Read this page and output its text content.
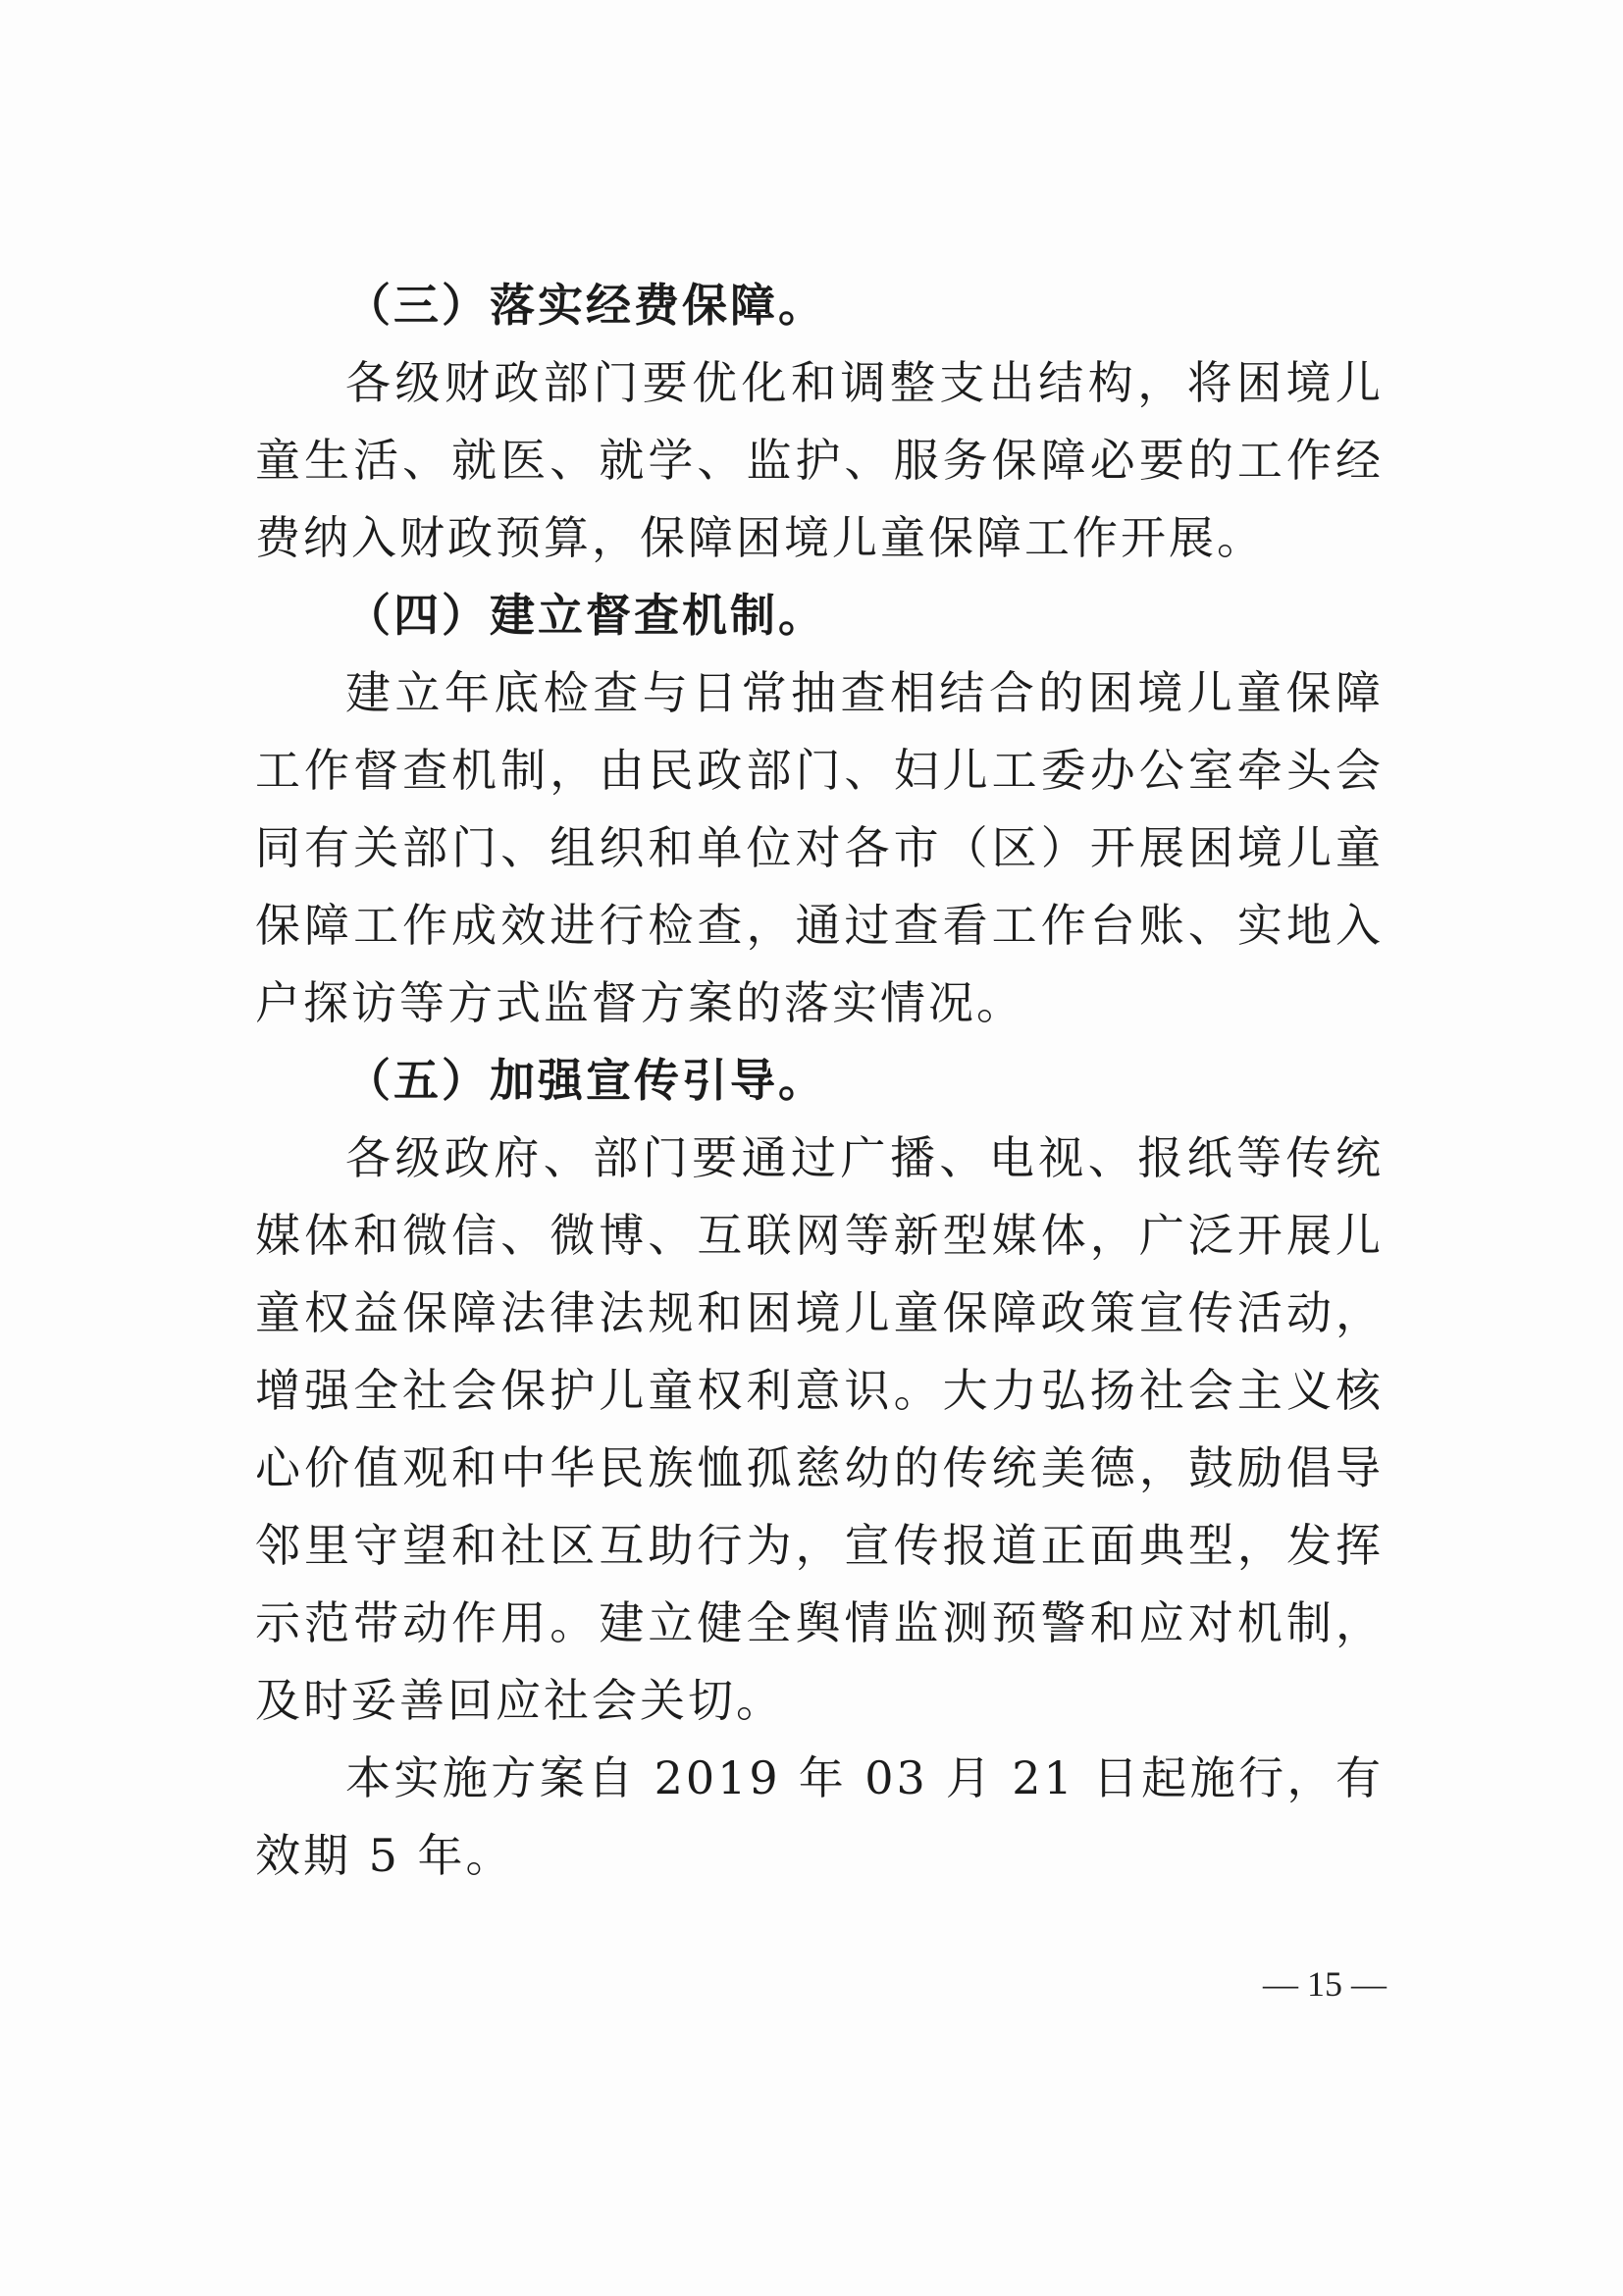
（三）落实经费保障。

各级财政部门要优化和调整支出结构，将困境儿童生活、就医、就学、监护、服务保障必要的工作经费纳入财政预算，保障困境儿童保障工作开展。

（四）建立督查机制。

建立年底检查与日常抽查相结合的困境儿童保障工作督查机制，由民政部门、妇儿工委办公室牵头会同有关部门、组织和单位对各市（区）开展困境儿童保障工作成效进行检查，通过查看工作台账、实地入户探访等方式监督方案的落实情况。

（五）加强宣传引导。

各级政府、部门要通过广播、电视、报纸等传统媒体和微信、微博、互联网等新型媒体，广泛开展儿童权益保障法律法规和困境儿童保障政策宣传活动，增强全社会保护儿童权利意识。大力弘扬社会主义核心价值观和中华民族恤孤慈幼的传统美德，鼓励倡导邻里守望和社区互助行为，宣传报道正面典型，发挥示范带动作用。建立健全舆情监测预警和应对机制，及时妥善回应社会关切。

本实施方案自 2019 年 03 月 21 日起施行，有效期 5 年。

— 15 —
